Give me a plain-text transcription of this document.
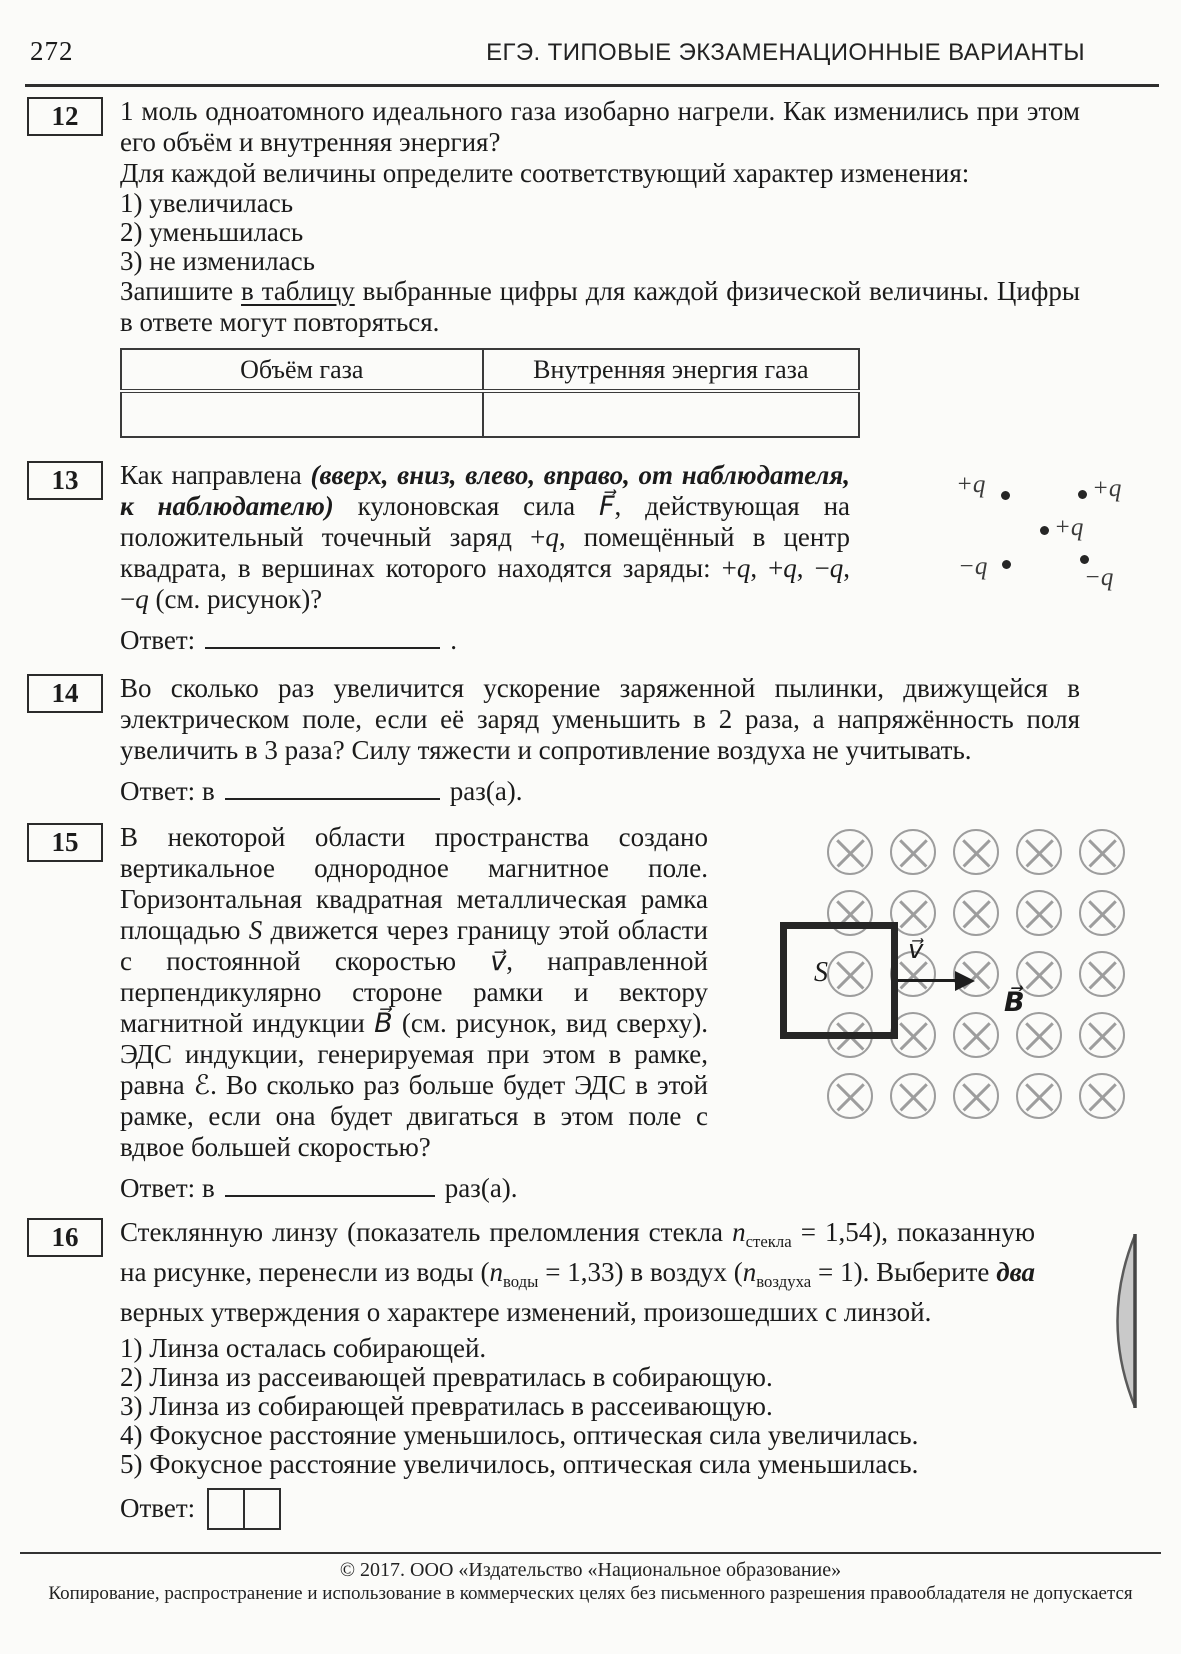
272	ЕГЭ. ТИПОВЫЕ ЭКЗАМЕНАЦИОННЫЕ ВАРИАНТЫ
12	1 моль одноатомного идеального газа изобарно нагрели. Как изменились при этом его объём и внутренняя энергия?

Для каждой величины определите соответствующий характер изменения:

1) увеличилась
2) уменьшилась
3) не изменилась

Запишите в таблицу выбранные цифры для каждой физической величины. Цифры в ответе могут повторяться.

Объём газа	Внутренняя энергия газа

13	Как направлена (вверх, вниз, влево, вправо, от наблюдателя, к наблюдателю) кулоновская сила F⃗, действующая на положительный точечный заряд +q, помещённый в центр квадрата, в вершинах которого находятся заряды: +q, +q, −q, −q (см. рисунок)?

Ответ:	.
+q	+q
+q
−q	−q
14	Во сколько раз увеличится ускорение заряженной пылинки, движущейся в электрическом поле, если её заряд уменьшить в 2 раза, а напряжённость поля увеличить в 3 раза? Силу тяжести и сопротивление воздуха не учитывать.

Ответ: в	раз(а).
15	В некоторой области пространства создано вертикальное однородное магнитное поле. Горизонтальная квадратная металлическая рамка площадью S движется через границу этой области с постоянной скоростью v⃗, направленной перпендикулярно стороне рамки и вектору магнитной индукции B⃗ (см. рисунок, вид сверху). ЭДС индукции, генерируемая при этом в рамке, равна ℰ. Во сколько раз больше будет ЭДС в этой рамке, если она будет двигаться в этом поле с вдвое большей скоростью?

Ответ: в	раз(а).
S
v⃗
B⃗
16	Стеклянную линзу (показатель преломления стекла $n_{стекла} = 1,54$), показанную на рисунке, перенесли из воды $(n_{воды} = 1,33)$ в воздух $(n_{воздуха} = 1)$. Выберите два верных утверждения о характере изменений, произошедших с линзой.

1) Линза осталась собирающей.
2) Линза из рассеивающей превратилась в собирающую.
3) Линза из собирающей превратилась в рассеивающую.
4) Фокусное расстояние уменьшилось, оптическая сила увеличилась.
5) Фокусное расстояние увеличилось, оптическая сила уменьшилась.
Ответ:
© 2017. ООО «Издательство «Национальное образование»
Копирование, распространение и использование в коммерческих целях без письменного разрешения правообладателя не допускается
